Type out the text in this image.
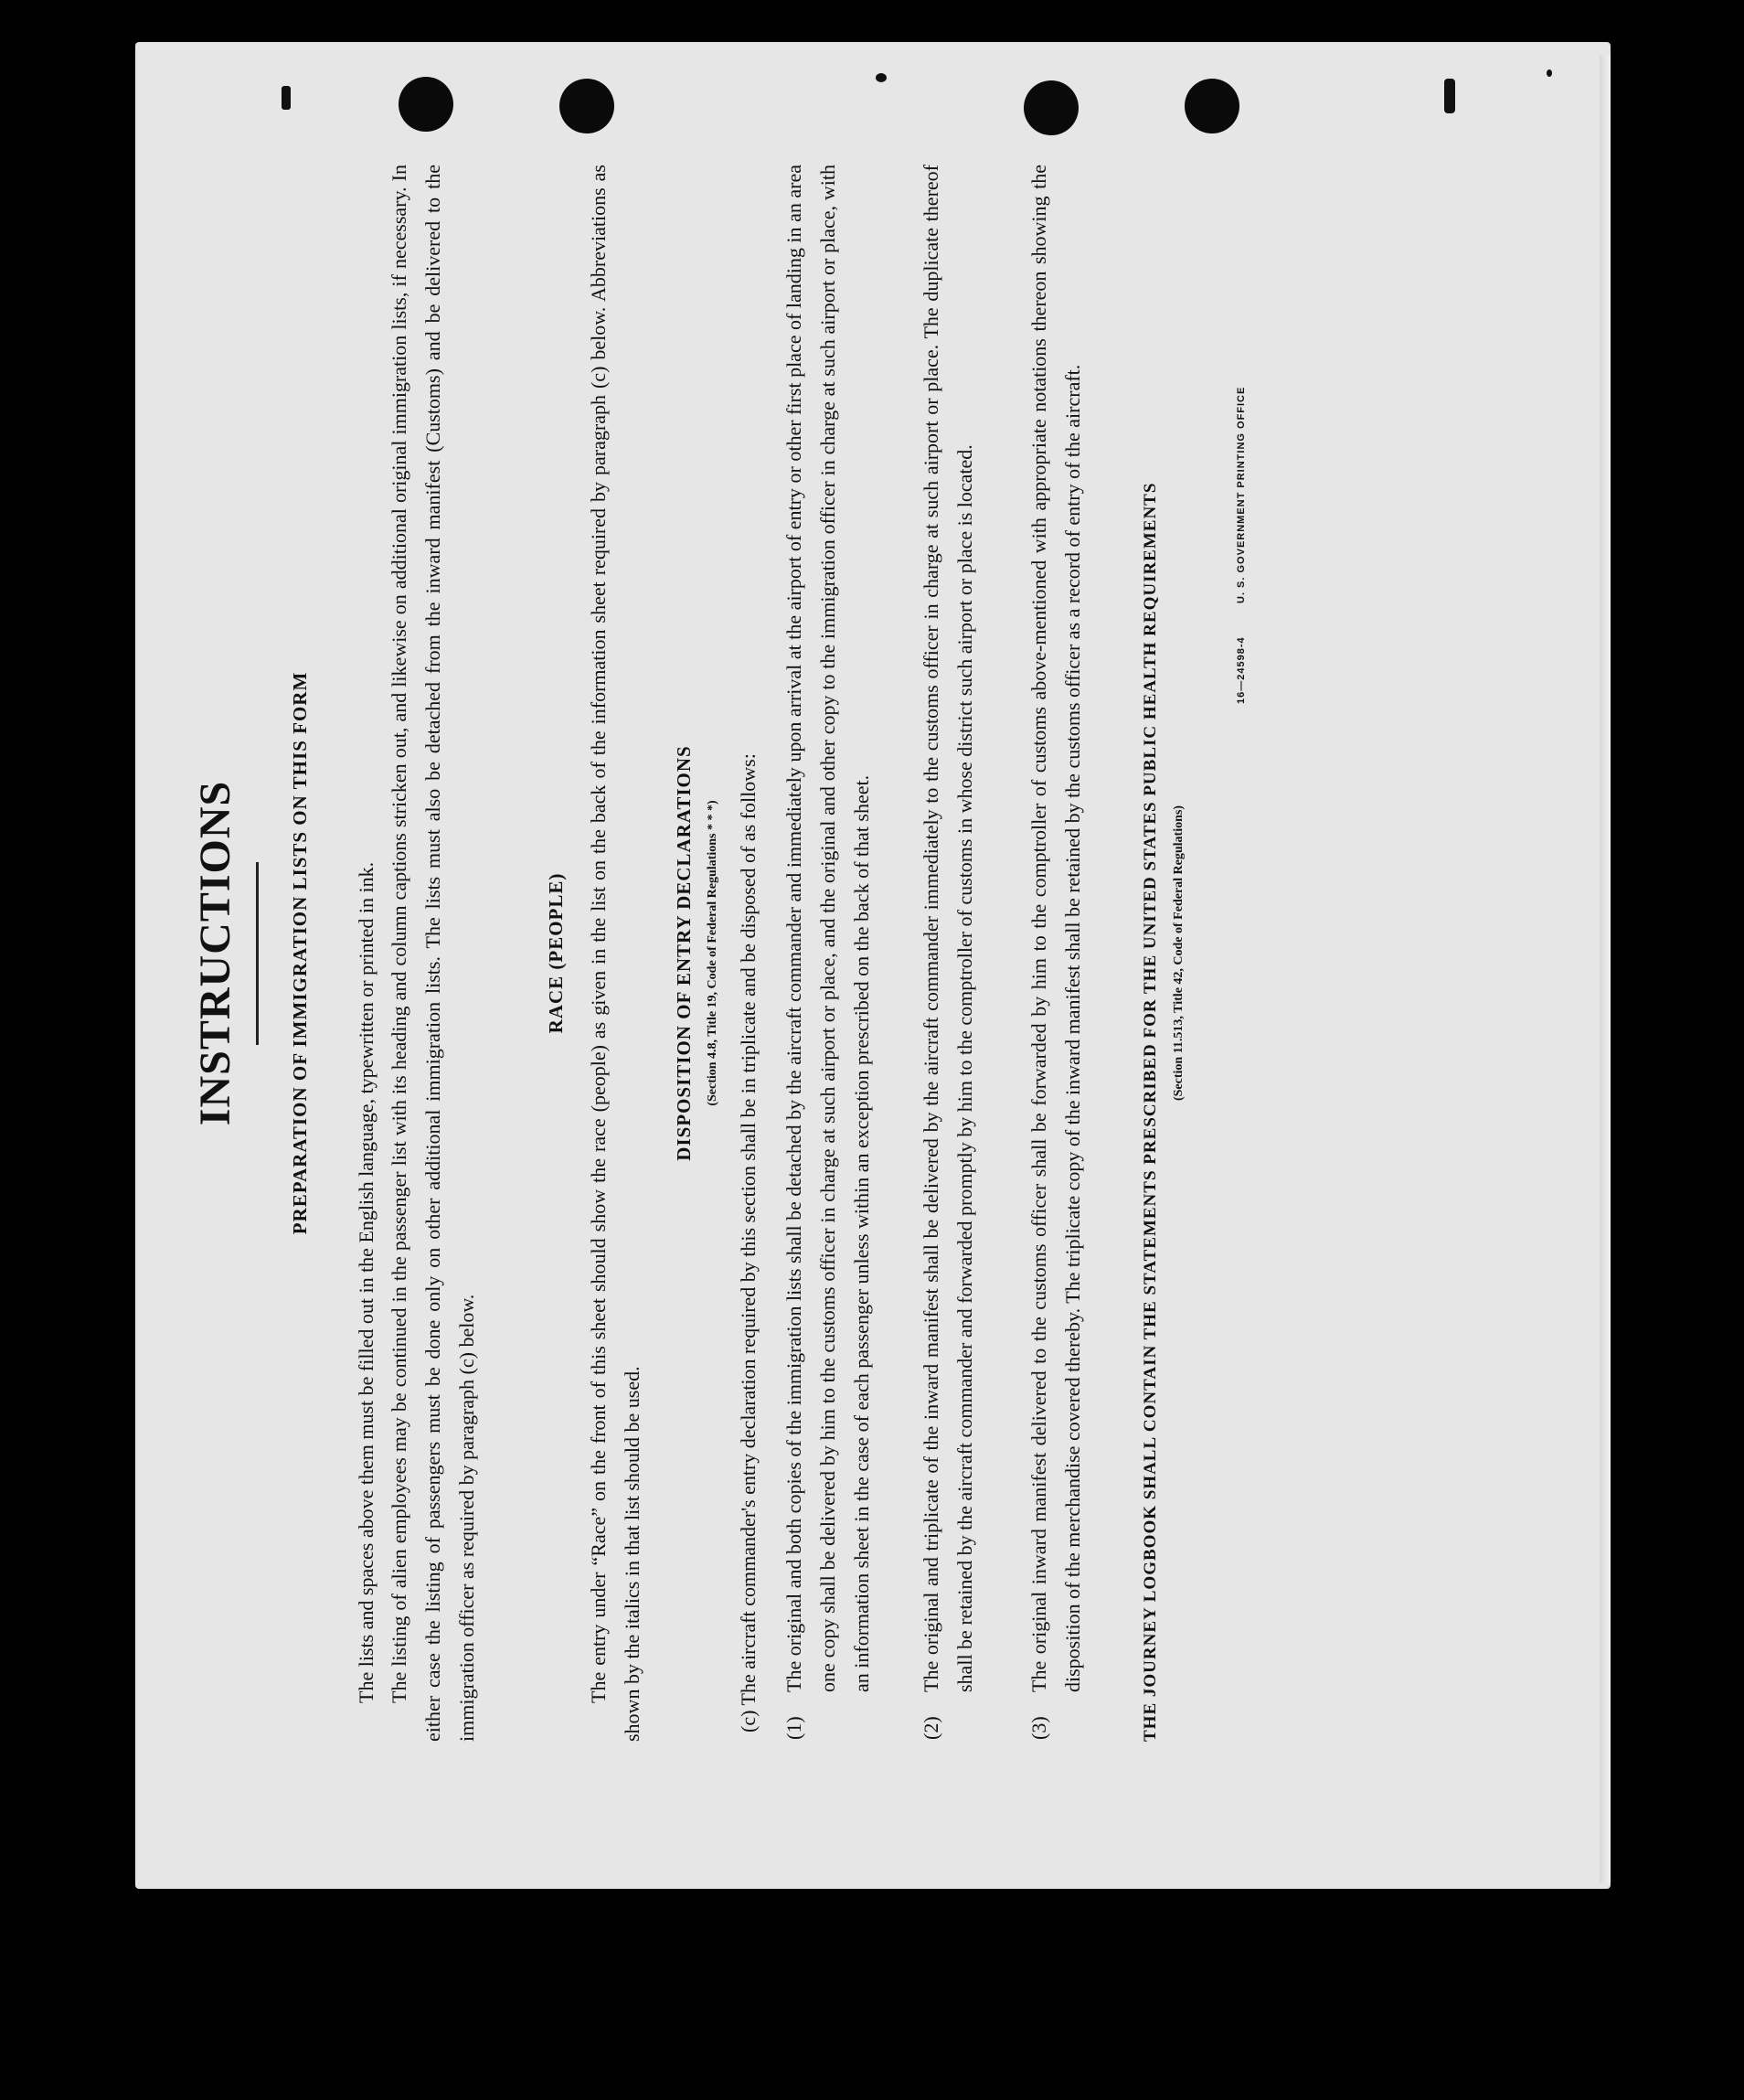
INSTRUCTIONS	PREPARATION OF IMMIGRATION LISTS ON THIS FORM	The lists and spaces above them must be filled out in the English language, typewritten or printed in ink. The listing of alien employees may be continued in the passenger list with its heading and column captions stricken out, and likewise on additional original immigration lists, if necessary. In either case the listing of passengers must be done only on other additional immigration lists. The lists must also be detached from the inward manifest (Customs) and be delivered to the immigration officer as required by paragraph (c) below.
RACE (PEOPLE)	The entry under “Race” on the front of this sheet should show the race (people) as given in the list on the back of the information sheet required by paragraph (c) below. Abbreviations as shown by the italics in that list should be used.
DISPOSITION OF ENTRY DECLARATIONS (Section 4.8, Title 19, Code of Federal Regulations * * *) (c) The aircraft commander's entry declaration required by this section shall be in triplicate and be disposed of as follows: (1)
The original and both copies of the immigration lists shall be detached by the aircraft commander and immediately upon arrival at the airport of entry or other first place of landing in an area one copy shall be delivered by him to the customs officer in charge at such airport or place, and the original and other copy to the immigration officer in charge at such airport or place, with an information sheet in the case of each passenger unless within an exception prescribed on the back of that sheet.
(2)
The original and triplicate of the inward manifest shall be delivered by the aircraft commander immediately to the customs officer in charge at such airport or place. The duplicate thereof shall be retained by the aircraft commander and forwarded promptly by him to the comptroller of customs in whose district such airport or place is located.
(3)
The original inward manifest delivered to the customs officer shall be forwarded by him to the comptroller of customs above-mentioned with appropriate notations thereon showing the disposition of the merchandise covered thereby. The triplicate copy of the inward manifest shall be retained by the customs officer as a record of entry of the aircraft.	THE JOURNEY LOGBOOK SHALL CONTAIN THE STATEMENTS PRESCRIBED FOR THE UNITED STATES PUBLIC HEALTH REQUIREMENTS (Section 11.513, Title 42, Code of Federal Regulations)
16—24598-4
U. S. GOVERNMENT PRINTING OFFICE
